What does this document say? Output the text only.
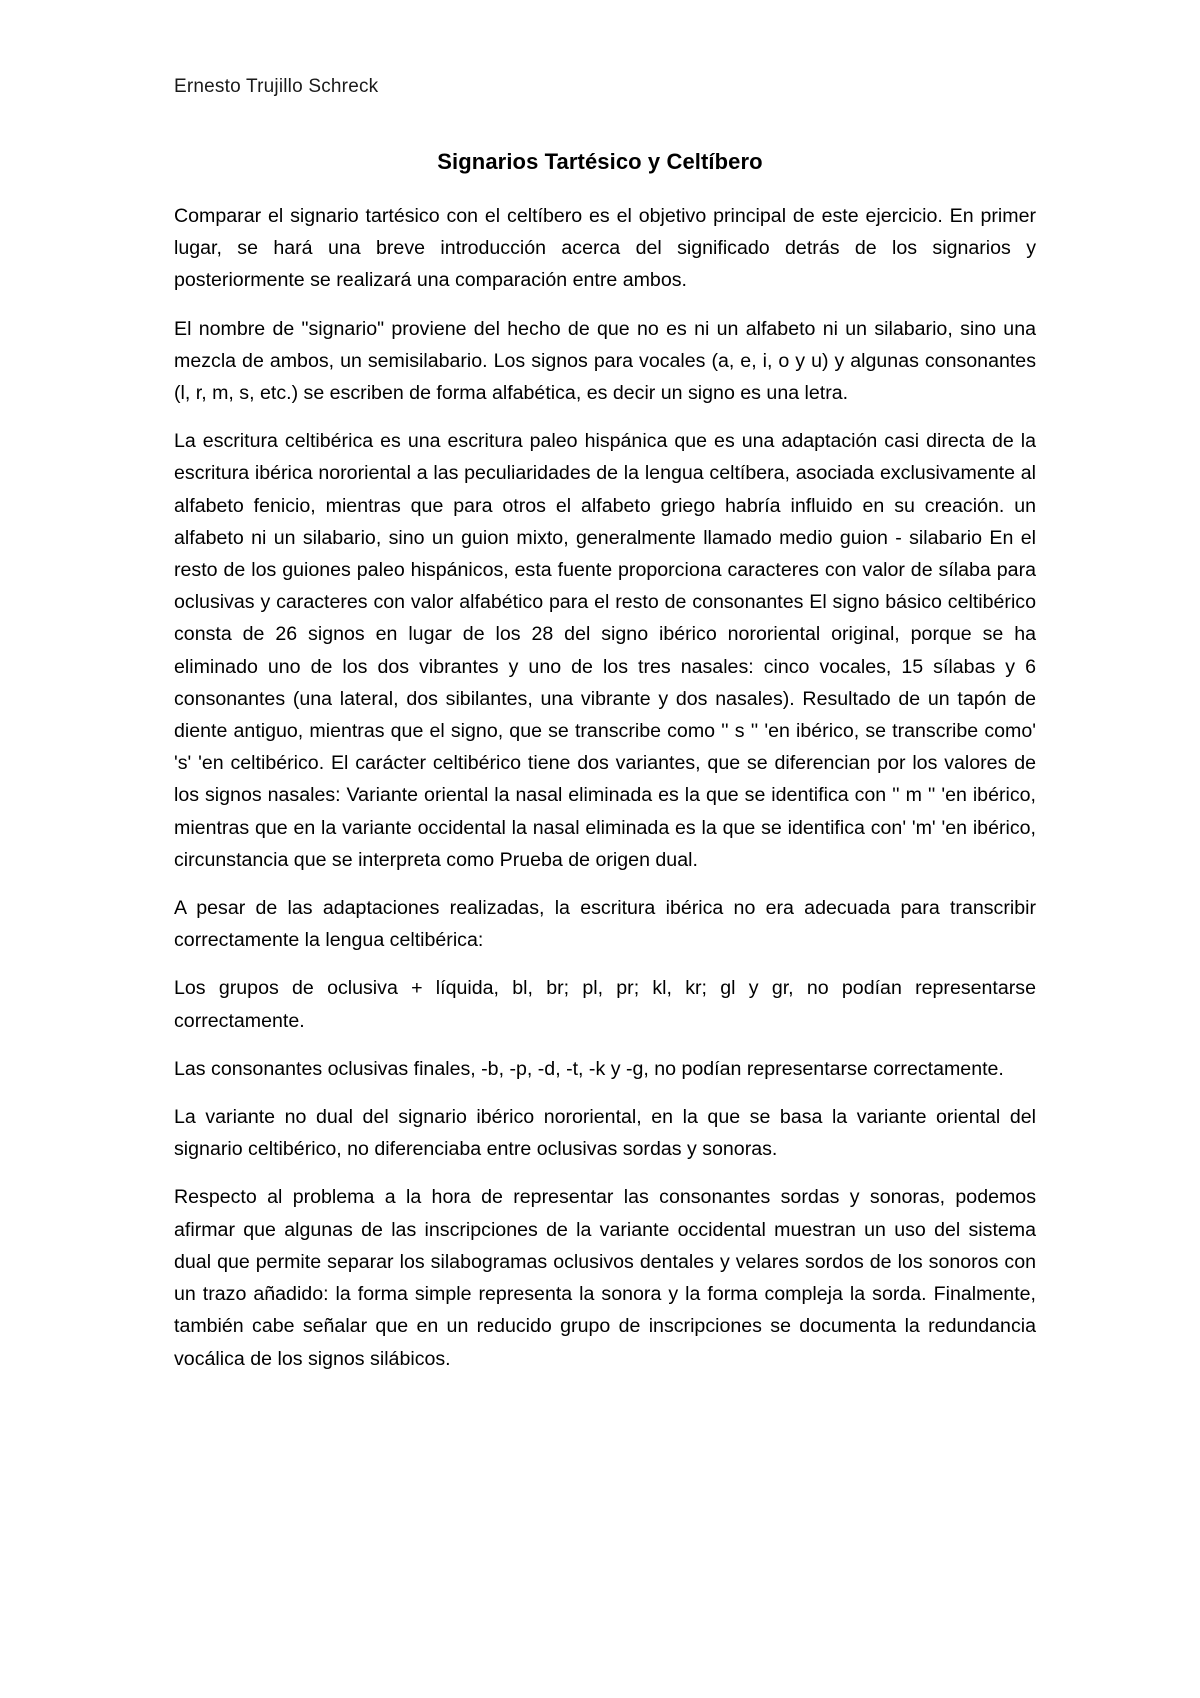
Ernesto Trujillo Schreck

Signarios Tartésico y Celtíbero

Comparar el signario tartésico con el celtíbero es el objetivo principal de este ejercicio. En primer lugar, se hará una breve introducción acerca del significado detrás de los signarios y posteriormente se realizará una comparación entre ambos.

El nombre de "signario" proviene del hecho de que no es ni un alfabeto ni un silabario, sino una mezcla de ambos, un semisilabario. Los signos para vocales (a, e, i, o y u) y algunas consonantes (l, r, m, s, etc.) se escriben de forma alfabética, es decir un signo es una letra.

La escritura celtibérica es una escritura paleo hispánica que es una adaptación casi directa de la escritura ibérica nororiental a las peculiaridades de la lengua celtíbera, asociada exclusivamente al alfabeto fenicio, mientras que para otros el alfabeto griego habría influido en su creación. un alfabeto ni un silabario, sino un guion mixto, generalmente llamado medio guion - silabario En el resto de los guiones paleo hispánicos, esta fuente proporciona caracteres con valor de sílaba para oclusivas y caracteres con valor alfabético para el resto de consonantes El signo básico celtibérico consta de 26 signos en lugar de los 28 del signo ibérico nororiental original, porque se ha eliminado uno de los dos vibrantes y uno de los tres nasales: cinco vocales, 15 sílabas y 6 consonantes (una lateral, dos sibilantes, una vibrante y dos nasales). Resultado de un tapón de diente antiguo, mientras que el signo, que se transcribe como '' s '' 'en ibérico, se transcribe como' 's' 'en celtibérico. El carácter celtibérico tiene dos variantes, que se diferencian por los valores de los signos nasales: Variante oriental la nasal eliminada es la que se identifica con '' m '' 'en ibérico, mientras que en la variante occidental la nasal eliminada es la que se identifica con' 'm' 'en ibérico, circunstancia que se interpreta como Prueba de origen dual.

A pesar de las adaptaciones realizadas, la escritura ibérica no era adecuada para transcribir correctamente la lengua celtibérica:

Los grupos de oclusiva + líquida, bl, br; pl, pr; kl, kr; gl y gr, no podían representarse correctamente.

Las consonantes oclusivas finales, -b, -p, -d, -t, -k y -g, no podían representarse correctamente.

La variante no dual del signario ibérico nororiental, en la que se basa la variante oriental del signario celtibérico, no diferenciaba entre oclusivas sordas y sonoras.

Respecto al problema a la hora de representar las consonantes sordas y sonoras, podemos afirmar que algunas de las inscripciones de la variante occidental muestran un uso del sistema dual que permite separar los silabogramas oclusivos dentales y velares sordos de los sonoros con un trazo añadido: la forma simple representa la sonora y la forma compleja la sorda. Finalmente, también cabe señalar que en un reducido grupo de inscripciones se documenta la redundancia vocálica de los signos silábicos.
